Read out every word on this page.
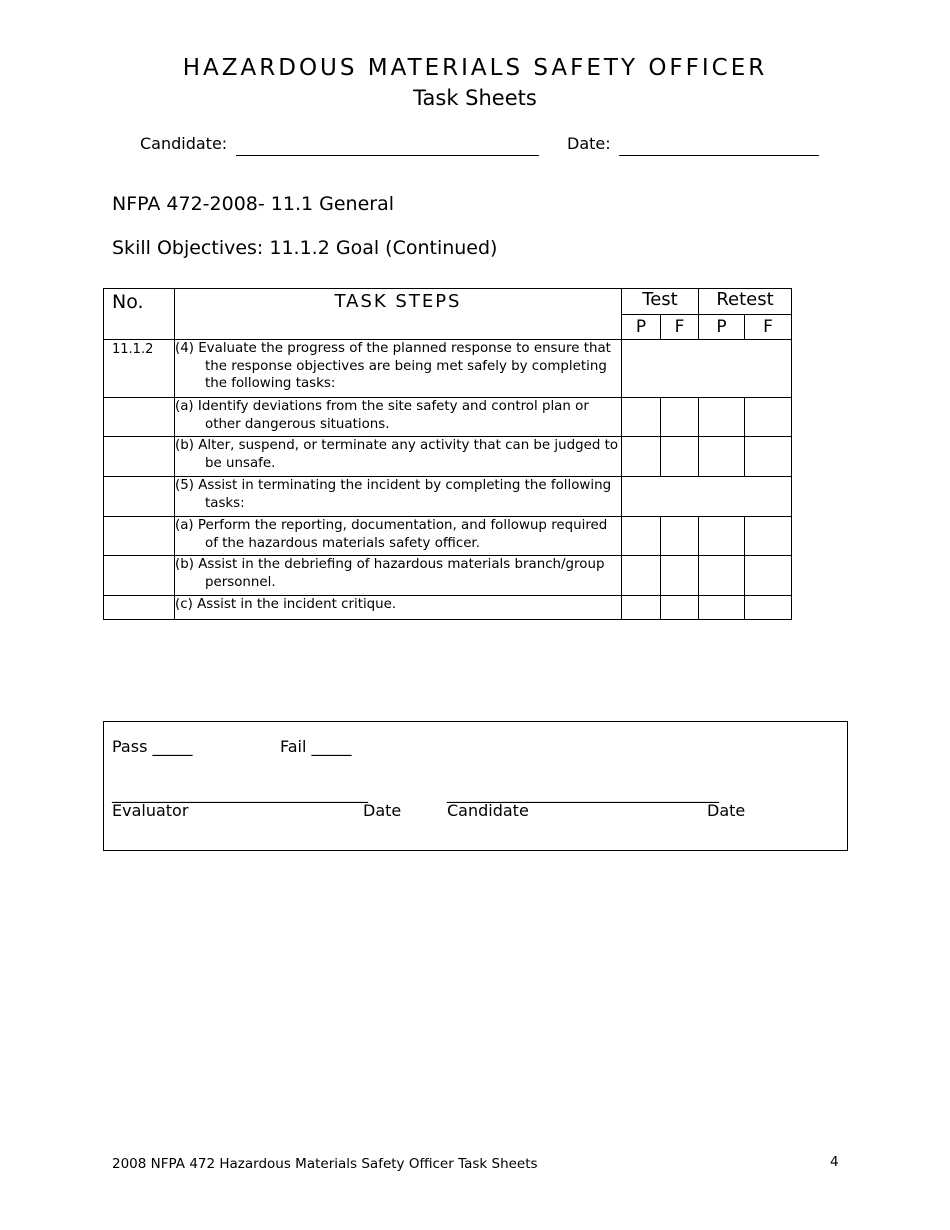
HAZARDOUS MATERIALS SAFETY OFFICER
Task Sheets
Candidate:	Date:
NFPA 472-2008- 11.1 General
Skill Objectives: 11.1.2 Goal (Continued)
No.	TASK STEPS	Test		Retest	
		P	F	P	F
11.1.2	(4) Evaluate the progress of the planned response to ensure that the response objectives are being met safely by completing the following tasks:				

	(a) Identify deviations from the site safety and control plan or other dangerous situations.				

	(b) Alter, suspend, or terminate any activity that can be judged to be unsafe.				

	(5) Assist in terminating the incident by completing the following tasks:				

	(a) Perform the reporting, documentation, and followup required of the hazardous materials safety officer.				

	(b) Assist in the debriefing of hazardous materials branch/group personnel.				

	(c) Assist in the incident critique.				

Pass _____	Fail _____
________________________________	__________________________________
Evaluator	Date	Candidate	Date
2008 NFPA 472 Hazardous Materials Safety Officer Task Sheets	4
